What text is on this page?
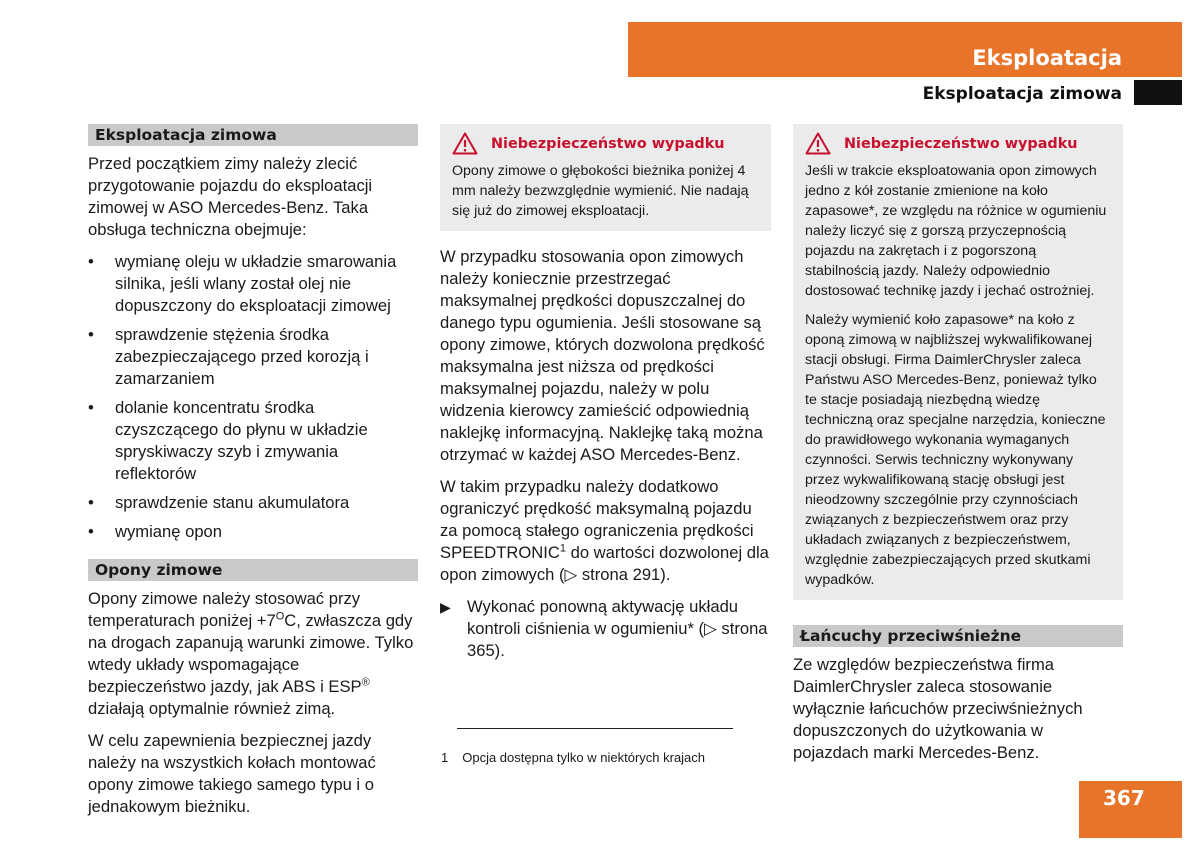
Eksploatacja
Eksploatacja zimowa
Eksploatacja zimowa

Przed początkiem zimy należy zlecić przygotowanie pojazdu do eksploatacji zimowej w ASO Mercedes-Benz. Taka obsługa techniczna obejmuje:

• wymianę oleju w układzie smarowania silnika, jeśli wlany został olej nie dopuszczony do eksploatacji zimowej
• sprawdzenie stężenia środka zabezpieczającego przed korozją i zamarzaniem
• dolanie koncentratu środka czyszczącego do płynu w układzie spryskiwaczy szyb i zmywania reflektorów
• sprawdzenie stanu akumulatora
• wymianę opon
Opony zimowe

Opony zimowe należy stosować przy temperaturach poniżej $+7^OC$, zwłaszcza gdy na drogach zapanują warunki zimowe. Tylko wtedy układy wspomagające bezpieczeństwo jazdy, jak ABS i ESP® działają optymalnie również zimą.

W celu zapewnienia bezpiecznej jazdy należy na wszystkich kołach montować opony zimowe takiego samego typu i o jednakowym bieżniku.

Niebezpieczeństwo wypadku

Opony zimowe o głębokości bieżnika poniżej 4 mm należy bezwzględnie wymienić. Nie nadają się już do zimowej eksploatacji.

W przypadku stosowania opon zimowych należy koniecznie przestrzegać maksymalnej prędkości dopuszczalnej do danego typu ogumienia. Jeśli stosowane są opony zimowe, których dozwolona prędkość maksymalna jest niższa od prędkości maksymalnej pojazdu, należy w polu widzenia kierowcy zamieścić odpowiednią naklejkę informacyjną. Naklejkę taką można otrzymać w każdej ASO Mercedes-Benz.

W takim przypadku należy dodatkowo ograniczyć prędkość maksymalną pojazdu za pomocą stałego ograniczenia prędkości SPEEDTRONIC$^1$ do wartości dozwolonej dla opon zimowych (▷ strona 291).

▶ Wykonać ponowną aktywację układu kontroli ciśnienia w ogumieniu* (▷ strona 365).
1 Opcja dostępna tylko w niektórych krajach
Niebezpieczeństwo wypadku

Jeśli w trakcie eksploatowania opon zimowych jedno z kół zostanie zmienione na koło zapasowe*, ze względu na różnice w ogumieniu należy liczyć się z gorszą przyczepnością pojazdu na zakrętach i z pogorszoną stabilnością jazdy. Należy odpowiednio dostosować technikę jazdy i jechać ostrożniej.

Należy wymienić koło zapasowe* na koło z oponą zimową w najbliższej wykwalifikowanej stacji obsługi. Firma DaimlerChrysler zaleca Państwu ASO Mercedes-Benz, ponieważ tylko te stacje posiadają niezbędną wiedzę techniczną oraz specjalne narzędzia, konieczne do prawidłowego wykonania wymaganych czynności. Serwis techniczny wykonywany przez wykwalifikowaną stację obsługi jest nieodzowny szczególnie przy czynnościach związanych z bezpieczeństwem oraz przy układach związanych z bezpieczeństwem, względnie zabezpieczających przed skutkami wypadków.

Łańcuchy przeciwśnieżne

Ze względów bezpieczeństwa firma DaimlerChrysler zaleca stosowanie wyłącznie łańcuchów przeciwśnieżnych dopuszczonych do użytkowania w pojazdach marki Mercedes-Benz.

367
